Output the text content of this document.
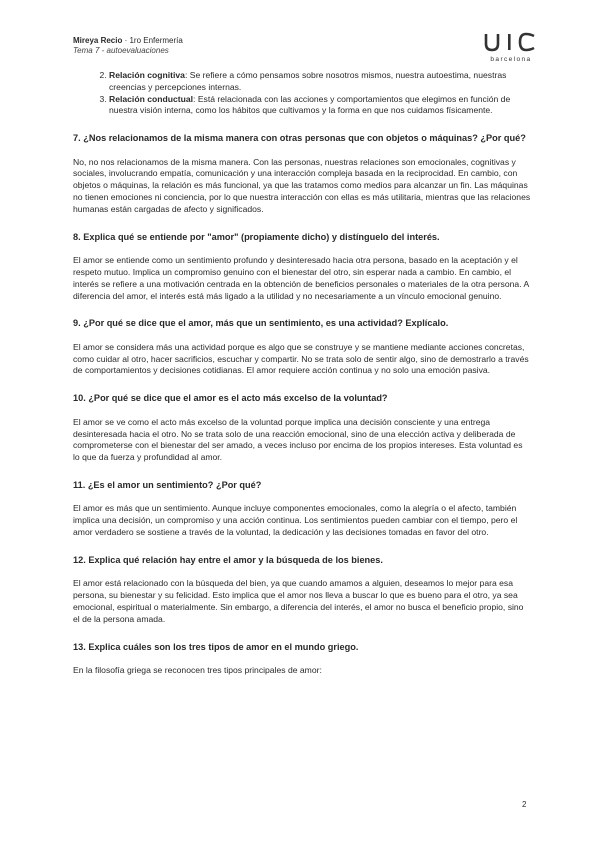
Mireya Recio · 1ro Enfermería
Tema 7 - autoevaluaciones
barcelona
2. Relación cognitiva: Se refiere a cómo pensamos sobre nosotros mismos, nuestra autoestima, nuestras creencias y percepciones internas.
3. Relación conductual: Está relacionada con las acciones y comportamientos que elegimos en función de nuestra visión interna, como los hábitos que cultivamos y la forma en que nos cuidamos físicamente.

7. ¿Nos relacionamos de la misma manera con otras personas que con objetos o máquinas? ¿Por qué?

No, no nos relacionamos de la misma manera. Con las personas, nuestras relaciones son emocionales, cognitivas y sociales, involucrando empatía, comunicación y una interacción compleja basada en la reciprocidad. En cambio, con objetos o máquinas, la relación es más funcional, ya que las tratamos como medios para alcanzar un fin. Las máquinas no tienen emociones ni conciencia, por lo que nuestra interacción con ellas es más utilitaria, mientras que las relaciones humanas están cargadas de afecto y significados.

8. Explica qué se entiende por "amor" (propiamente dicho) y distínguelo del interés.

El amor se entiende como un sentimiento profundo y desinteresado hacia otra persona, basado en la aceptación y el respeto mutuo. Implica un compromiso genuino con el bienestar del otro, sin esperar nada a cambio. En cambio, el interés se refiere a una motivación centrada en la obtención de beneficios personales o materiales de la otra persona. A diferencia del amor, el interés está más ligado a la utilidad y no necesariamente a un vínculo emocional genuino.

9. ¿Por qué se dice que el amor, más que un sentimiento, es una actividad? Explícalo.

El amor se considera más una actividad porque es algo que se construye y se mantiene mediante acciones concretas, como cuidar al otro, hacer sacrificios, escuchar y compartir. No se trata solo de sentir algo, sino de demostrarlo a través de comportamientos y decisiones cotidianas. El amor requiere acción continua y no solo una emoción pasiva.

10. ¿Por qué se dice que el amor es el acto más excelso de la voluntad?

El amor se ve como el acto más excelso de la voluntad porque implica una decisión consciente y una entrega desinteresada hacia el otro. No se trata solo de una reacción emocional, sino de una elección activa y deliberada de comprometerse con el bienestar del ser amado, a veces incluso por encima de los propios intereses. Esta voluntad es lo que da fuerza y profundidad al amor.

11. ¿Es el amor un sentimiento? ¿Por qué?

El amor es más que un sentimiento. Aunque incluye componentes emocionales, como la alegría o el afecto, también implica una decisión, un compromiso y una acción continua. Los sentimientos pueden cambiar con el tiempo, pero el amor verdadero se sostiene a través de la voluntad, la dedicación y las decisiones tomadas en favor del otro.

12. Explica qué relación hay entre el amor y la búsqueda de los bienes.

El amor está relacionado con la búsqueda del bien, ya que cuando amamos a alguien, deseamos lo mejor para esa persona, su bienestar y su felicidad. Esto implica que el amor nos lleva a buscar lo que es bueno para el otro, ya sea emocional, espiritual o materialmente. Sin embargo, a diferencia del interés, el amor no busca el beneficio propio, sino el de la persona amada.

13. Explica cuáles son los tres tipos de amor en el mundo griego.

En la filosofía griega se reconocen tres tipos principales de amor:

2
